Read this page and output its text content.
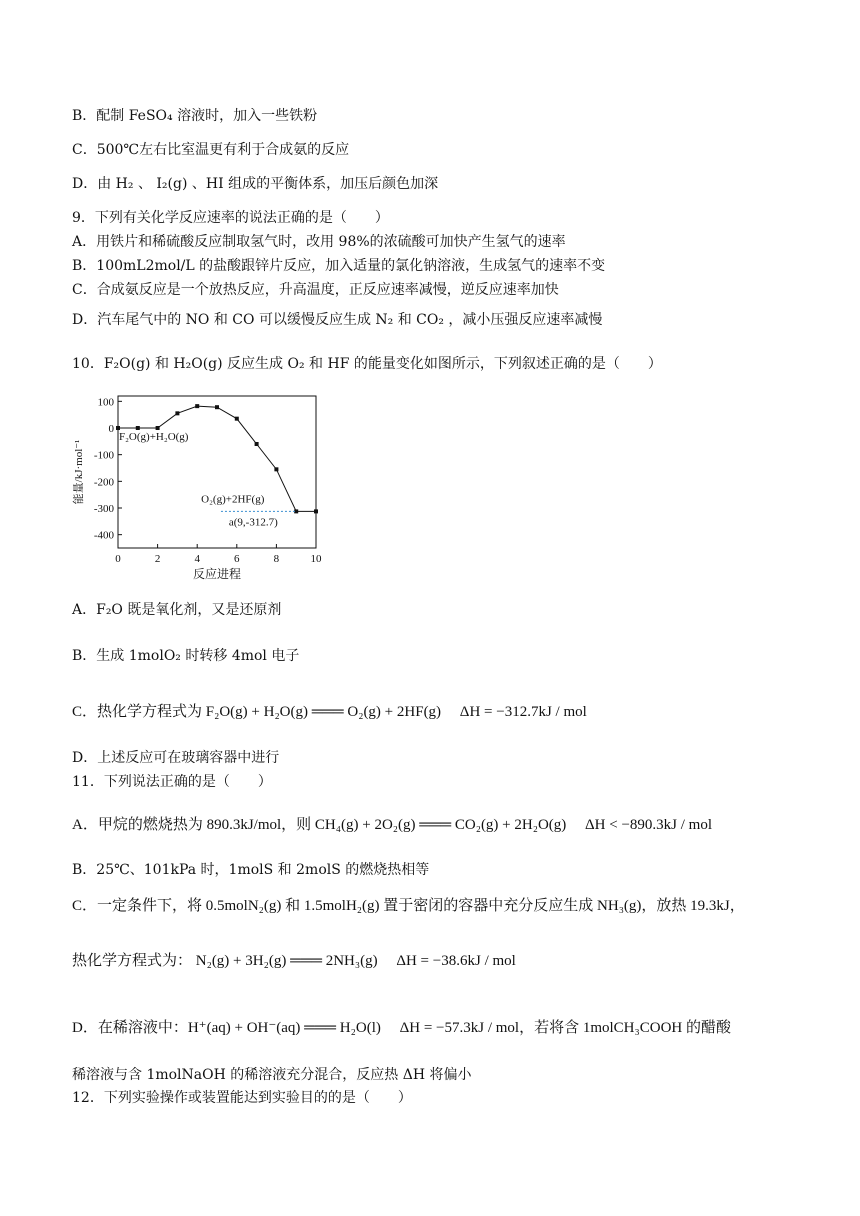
B．配制 FeSO₄ 溶液时，加入一些铁粉
C．500℃左右比室温更有利于合成氨的反应
D．由 H₂ 、 I₂(g) 、HI 组成的平衡体系，加压后颜色加深
9．下列有关化学反应速率的说法正确的是（　　）
A．用铁片和稀硫酸反应制取氢气时，改用 98%的浓硫酸可加快产生氢气的速率
B．100mL2mol/L 的盐酸跟锌片反应，加入适量的氯化钠溶液，生成氢气的速率不变
C．合成氨反应是一个放热反应，升高温度，正反应速率减慢，逆反应速率加快
D．汽车尾气中的 NO 和 CO 可以缓慢反应生成 N₂ 和 CO₂ ，减小压强反应速率减慢
10．F₂O(g) 和 H₂O(g) 反应生成 O₂ 和 HF 的能量变化如图所示，下列叙述正确的是（　　）
100
0
-100
-200
-300
-400
0	2	4	6	8	10
反应进程
能量/kJ·mol⁻¹
F₂O(g)+H₂O(g)
O₂(g)+2HF(g)
a(9,-312.7)
A．F₂O 既是氧化剂，又是还原剂
B．生成 1molO₂ 时转移 4mol 电子
C．热化学方程式为 F₂O(g) + H₂O(g) ═══ O₂(g) + 2HF(g)　 ΔH = −312.7kJ / mol
D．上述反应可在玻璃容器中进行
11．下列说法正确的是（　　）
A．甲烷的燃烧热为 890.3kJ/mol，则 CH₄(g) + 2O₂(g) ═══ CO₂(g) + 2H₂O(g)　 ΔH < −890.3kJ / mol
B．25℃、101kPa 时，1molS 和 2molS 的燃烧热相等
C．一定条件下，将 0.5molN₂(g) 和 1.5molH₂(g) 置于密闭的容器中充分反应生成 NH₃(g)，放热 19.3kJ，
热化学方程式为： N₂(g) + 3H₂(g) ═══ 2NH₃(g)　 ΔH = −38.6kJ / mol
D．在稀溶液中：H⁺(aq) + OH⁻(aq) ═══ H₂O(l)　 ΔH = −57.3kJ / mol，若将含 1molCH₃COOH 的醋酸
稀溶液与含 1molNaOH 的稀溶液充分混合，反应热 ΔH 将偏小
12．下列实验操作或装置能达到实验目的的是（　　）
